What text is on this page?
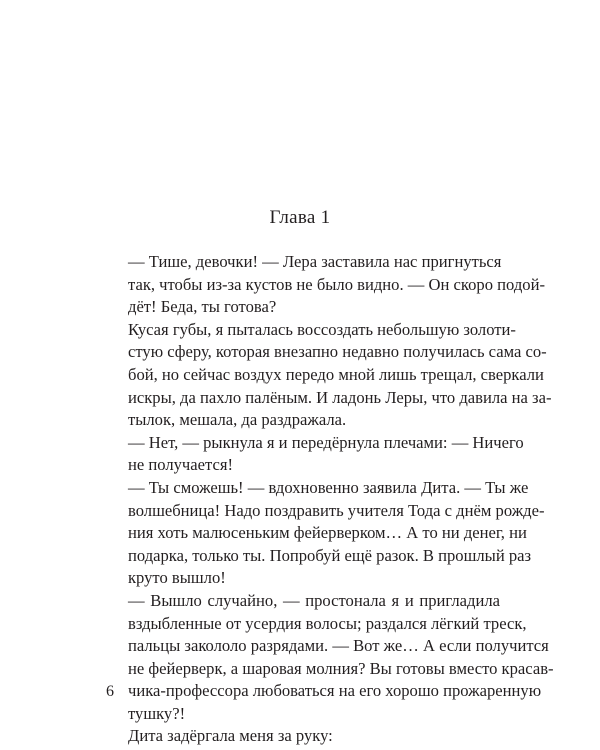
Глава 1

— Тише, девочки! — Лера заставила нас пригнуться
так, чтобы из-за кустов не было видно. — Он скоро подой-
дёт! Беда, ты готова?

Кусая губы, я пыталась воссоздать небольшую золоти-
стую сферу, которая внезапно недавно получилась сама со-
бой, но сейчас воздух передо мной лишь трещал, сверкали
искры, да пахло палёным. И ладонь Леры, что давила на за-
тылок, мешала, да раздражала.

— Нет, — рыкнула я и передёрнула плечами: — Ничего
не получается!

— Ты сможешь! — вдохновенно заявила Дита. — Ты же
волшебница! Надо поздравить учителя Тода с днём рожде-
ния хоть малюсеньким фейерверком… А то ни денег, ни
подарка, только ты. Попробуй ещё разок. В прошлый раз
круто вышло!

— Вышло случайно, — простонала я и пригладила
вздыбленные от усердия волосы; раздался лёгкий треск,
пальцы закололо разрядами. — Вот же… А если получится
не фейерверк, а шаровая молния? Вы готовы вместо красав-
чика-профессора любоваться на его хорошо прожаренную
тушку?!

Дита задёргала меня за руку:

6
